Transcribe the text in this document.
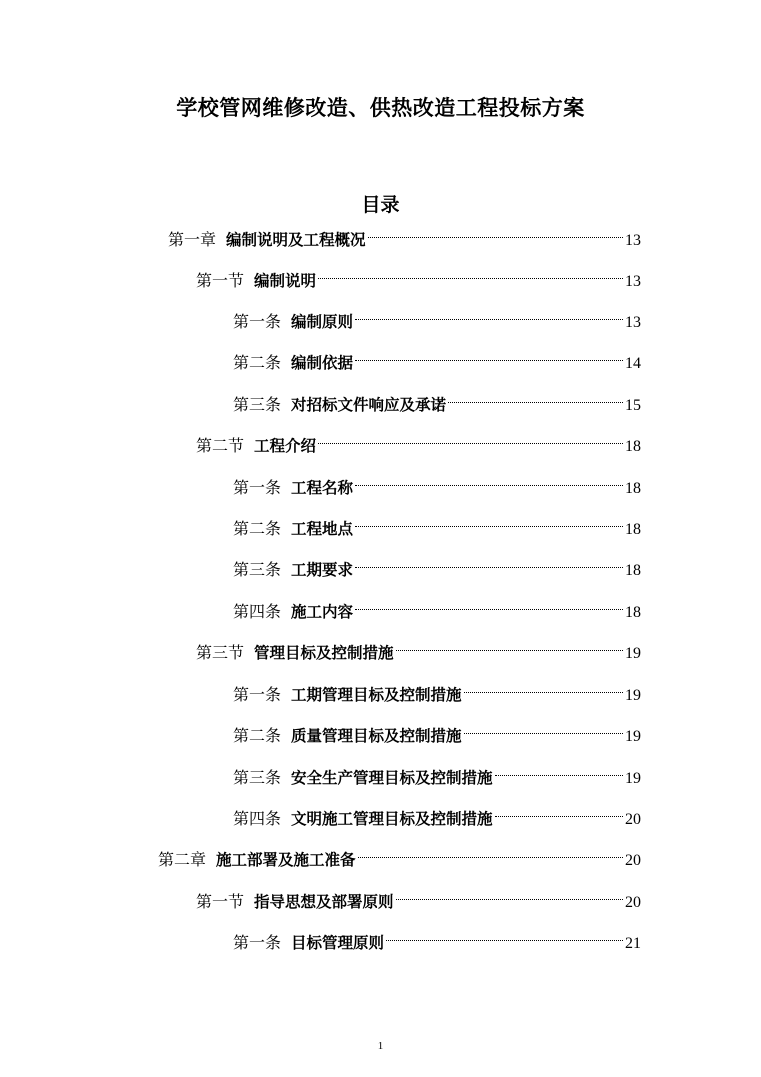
学校管网维修改造、供热改造工程投标方案
目录
第一章 编制说明及工程概况	13
第一节 编制说明	13
第一条 编制原则	13
第二条 编制依据	14
第三条 对招标文件响应及承诺	15
第二节 工程介绍	18
第一条 工程名称	18
第二条 工程地点	18
第三条 工期要求	18
第四条 施工内容	18
第三节 管理目标及控制措施	19
第一条 工期管理目标及控制措施	19
第二条 质量管理目标及控制措施	19
第三条 安全生产管理目标及控制措施	19
第四条 文明施工管理目标及控制措施	20
第二章 施工部署及施工准备	20
第一节 指导思想及部署原则	20
第一条 目标管理原则	21
1
